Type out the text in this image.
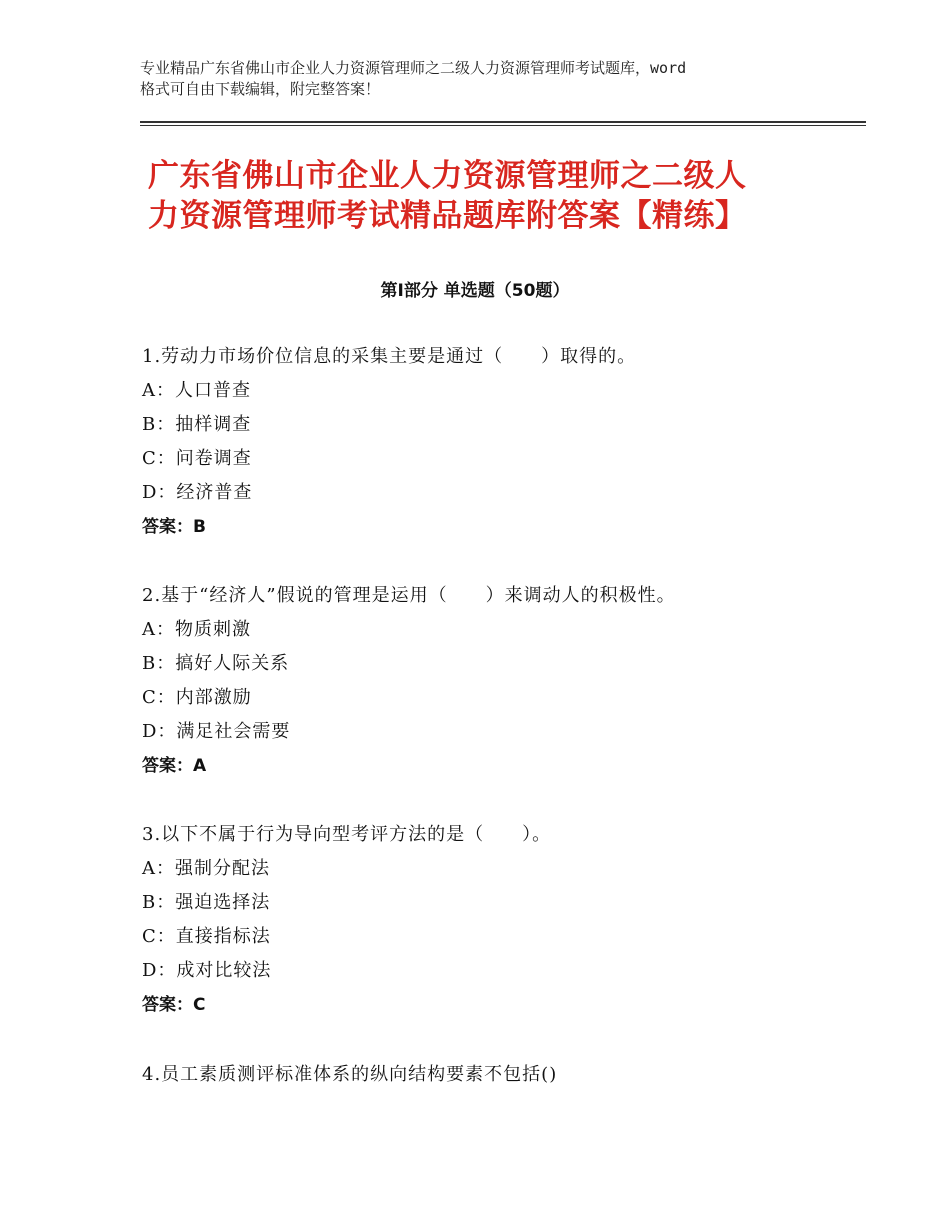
专业精品广东省佛山市企业人力资源管理师之二级人力资源管理师考试题库，word
格式可自由下载编辑，附完整答案！
广东省佛山市企业人力资源管理师之二级人
力资源管理师考试精品题库附答案【精练】
第Ⅰ部分 单选题（50题）
1.劳动力市场价位信息的采集主要是通过（　　）取得的。
A：人口普查
B：抽样调查
C：问卷调查
D：经济普查
答案：B
2.基于“经济人”假说的管理是运用（　　）来调动人的积极性。
A：物质刺激
B：搞好人际关系
C：内部激励
D：满足社会需要
答案：A
3.以下不属于行为导向型考评方法的是（　　）。
A：强制分配法
B：强迫选择法
C：直接指标法
D：成对比较法
答案：C
4.员工素质测评标准体系的纵向结构要素不包括()
